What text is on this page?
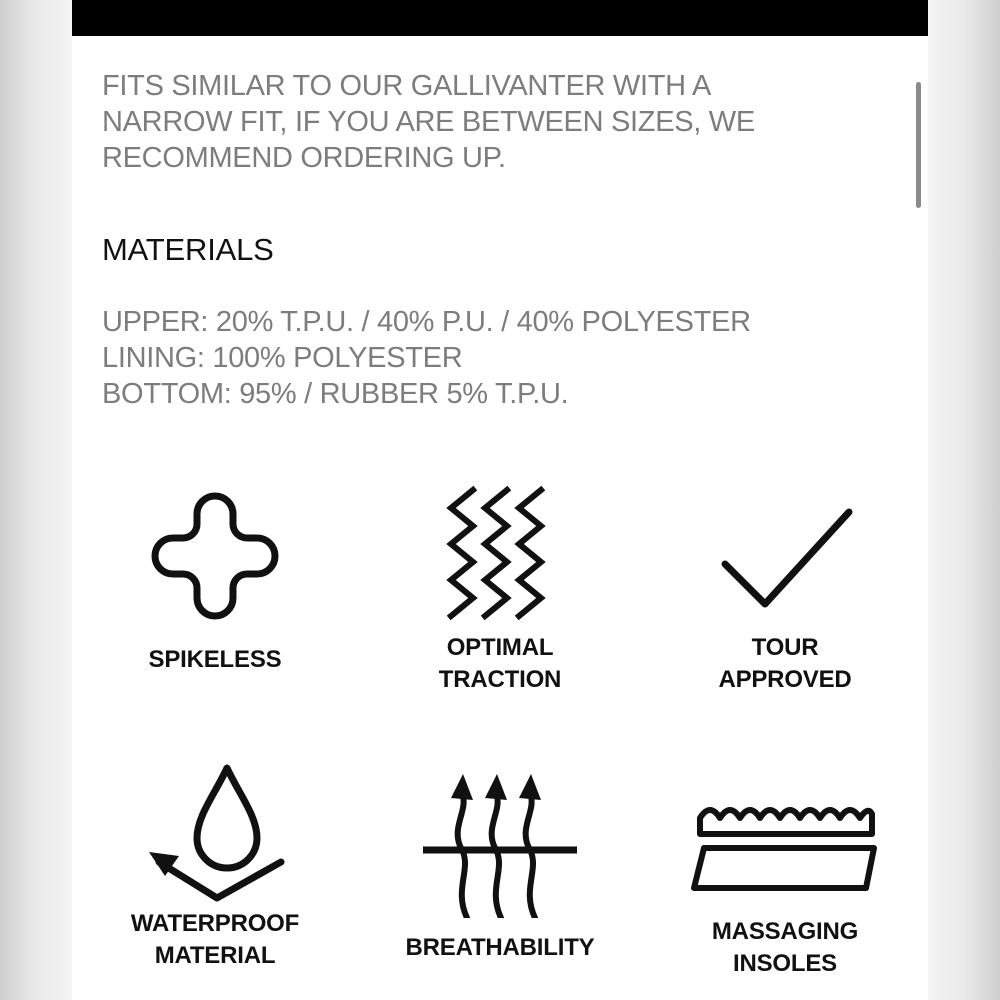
FITS SIMILAR TO OUR GALLIVANTER WITH A
NARROW FIT, IF YOU ARE BETWEEN SIZES, WE
RECOMMEND ORDERING UP.

MATERIALS
UPPER: 20% T.P.U. / 40% P.U. / 40% POLYESTER
LINING: 100% POLYESTER
BOTTOM: 95% / RUBBER 5% T.P.U.
SPIKELESS	OPTIMAL
TRACTION
TOUR
APPROVED
WATERPROOF
MATERIAL	BREATHABILITY
MASSAGING
INSOLES
